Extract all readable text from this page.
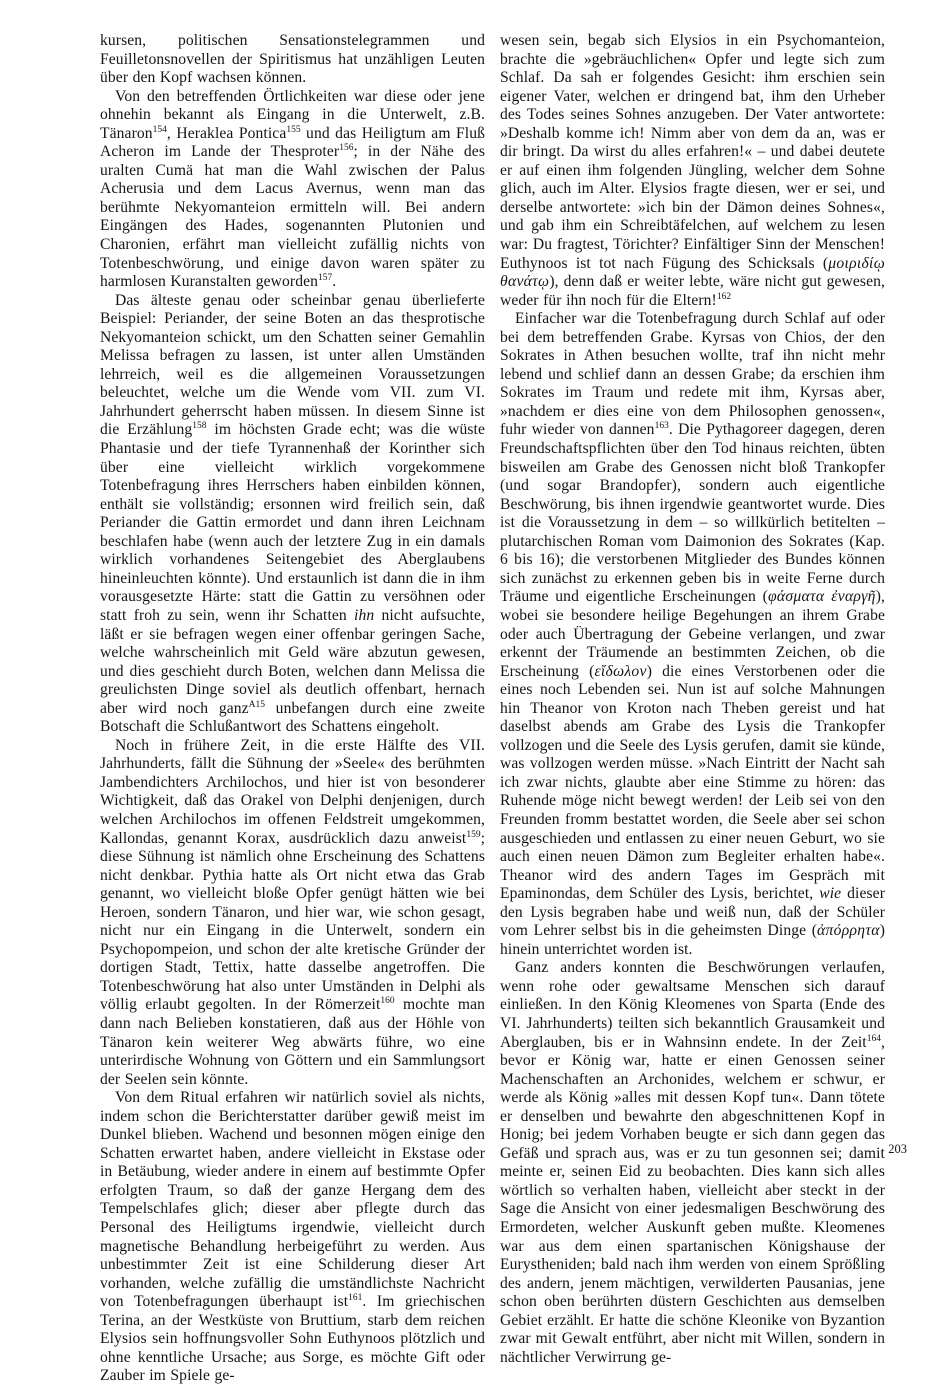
kursen, politischen Sensationstelegrammen und Feuilletonsnovellen der Spiritismus hat unzähligen Leuten über den Kopf wachsen können.

Von den betreffenden Örtlichkeiten war diese oder jene ohnehin bekannt als Eingang in die Unterwelt, z.B. Tänaron$^{154}$, Heraklea Pontica$^{155}$ und das Heiligtum am Fluß Acheron im Lande der Thesproter$^{156}$; in der Nähe des uralten Cumä hat man die Wahl zwischen der Palus Acherusia und dem Lacus Avernus, wenn man das berühmte Nekyomanteion ermitteln will. Bei andern Eingängen des Hades, sogenannten Plutonien und Charonien, erfährt man vielleicht zufällig nichts von Totenbeschwörung, und einige davon waren später zu harmlosen Kuranstalten geworden$^{157}$.

Das älteste genau oder scheinbar genau überlieferte Beispiel: Periander, der seine Boten an das thesprotische Nekyomanteion schickt, um den Schatten seiner Gemahlin Melissa befragen zu lassen, ist unter allen Umständen lehrreich, weil es die allgemeinen Voraussetzungen beleuchtet, welche um die Wende vom VII. zum VI. Jahrhundert geherrscht haben müssen. In diesem Sinne ist die Erzählung$^{158}$ im höchsten Grade echt; was die wüste Phantasie und der tiefe Tyrannenhaß der Korinther sich über eine vielleicht wirklich vorgekommene Totenbefragung ihres Herrschers haben einbilden können, enthält sie vollständig; ersonnen wird freilich sein, daß Periander die Gattin ermordet und dann ihren Leichnam beschlafen habe (wenn auch der letztere Zug in ein damals wirklich vorhandenes Seitengebiet des Aberglaubens hineinleuchten könnte). Und erstaunlich ist dann die in ihm vorausgesetzte Härte: statt die Gattin zu versöhnen oder statt froh zu sein, wenn ihr Schatten ihn nicht aufsuchte, läßt er sie befragen wegen einer offenbar geringen Sache, welche wahrscheinlich mit Geld wäre abzutun gewesen, und dies geschieht durch Boten, welchen dann Melissa die greulichsten Dinge soviel als deutlich offenbart, hernach aber wird noch ganz$^{A15}$ unbefangen durch eine zweite Botschaft die Schlußantwort des Schattens eingeholt.

Noch in frühere Zeit, in die erste Hälfte des VII. Jahrhunderts, fällt die Sühnung der »Seele« des berühmten Jambendichters Archilochos, und hier ist von besonderer Wichtigkeit, daß das Orakel von Delphi denjenigen, durch welchen Archilochos im offenen Feldstreit umgekommen, Kallondas, genannt Korax, ausdrücklich dazu anweist$^{159}$; diese Sühnung ist nämlich ohne Erscheinung des Schattens nicht denkbar. Pythia hatte als Ort nicht etwa das Grab genannt, wo vielleicht bloße Opfer genügt hätten wie bei Heroen, sondern Tänaron, und hier war, wie schon gesagt, nicht nur ein Eingang in die Unterwelt, sondern ein Psychopompeion, und schon der alte kretische Gründer der dortigen Stadt, Tettix, hatte dasselbe angetroffen. Die Totenbeschwörung hat also unter Umständen in Delphi als völlig erlaubt gegolten. In der Römerzeit$^{160}$ mochte man dann nach Belieben konstatieren, daß aus der Höhle von Tänaron kein weiterer Weg abwärts führe, wo eine unterirdische Wohnung von Göttern und ein Sammlungsort der Seelen sein könnte.

Von dem Ritual erfahren wir natürlich soviel als nichts, indem schon die Berichterstatter darüber gewiß meist im Dunkel blieben. Wachend und besonnen mögen einige den Schatten erwartet haben, andere vielleicht in Ekstase oder in Betäubung, wieder andere in einem auf bestimmte Opfer erfolgten Traum, so daß der ganze Hergang dem des Tempelschlafes glich; dieser aber pflegte durch das Personal des Heiligtums irgendwie, vielleicht durch magnetische Behandlung herbeigeführt zu werden. Aus unbestimmter Zeit ist eine Schilderung dieser Art vorhanden, welche zufällig die umständlichste Nachricht von Totenbefragungen überhaupt ist$^{161}$. Im griechischen Terina, an der Westküste von Bruttium, starb dem reichen Elysios sein hoffnungsvoller Sohn Euthynoos plötzlich und ohne kenntliche Ursache; aus Sorge, es möchte Gift oder Zauber im Spiele ge-

wesen sein, begab sich Elysios in ein Psychomanteion, brachte die »gebräuchlichen« Opfer und legte sich zum Schlaf. Da sah er folgendes Gesicht: ihm erschien sein eigener Vater, welchen er dringend bat, ihm den Urheber des Todes seines Sohnes anzugeben. Der Vater antwortete: »Deshalb komme ich! Nimm aber von dem da an, was er dir bringt. Da wirst du alles erfahren!« – und dabei deutete er auf einen ihm folgenden Jüngling, welcher dem Sohne glich, auch im Alter. Elysios fragte diesen, wer er sei, und derselbe antwortete: »ich bin der Dämon deines Sohnes«, und gab ihm ein Schreibtäfelchen, auf welchem zu lesen war: Du fragtest, Törichter? Einfältiger Sinn der Menschen! Euthynoos ist tot nach Fügung des Schicksals (μοιριδίῳ θανάτῳ), denn daß er weiter lebte, wäre nicht gut gewesen, weder für ihn noch für die Eltern!$^{162}$

Einfacher war die Totenbefragung durch Schlaf auf oder bei dem betreffenden Grabe. Kyrsas von Chios, der den Sokrates in Athen besuchen wollte, traf ihn nicht mehr lebend und schlief dann an dessen Grabe; da erschien ihm Sokrates im Traum und redete mit ihm, Kyrsas aber, »nachdem er dies eine von dem Philosophen genossen«, fuhr wieder von dannen$^{163}$. Die Pythagoreer dagegen, deren Freundschaftspflichten über den Tod hinaus reichten, übten bisweilen am Grabe des Genossen nicht bloß Trankopfer (und sogar Brandopfer), sondern auch eigentliche Beschwörung, bis ihnen irgendwie geantwortet wurde. Dies ist die Voraussetzung in dem – so willkürlich betitelten – plutarchischen Roman vom Daimonion des Sokrates (Kap. 6 bis 16); die verstorbenen Mitglieder des Bundes können sich zunächst zu erkennen geben bis in weite Ferne durch Träume und eigentliche Erscheinungen (φάσματα ἐναργῆ), wobei sie besondere heilige Begehungen an ihrem Grabe oder auch Übertragung der Gebeine verlangen, und zwar erkennt der Träumende an bestimmten Zeichen, ob die Erscheinung (εἴδωλον) die eines Verstorbenen oder die eines noch Lebenden sei. Nun ist auf solche Mahnungen hin Theanor von Kroton nach Theben gereist und hat daselbst abends am Grabe des Lysis die Trankopfer vollzogen und die Seele des Lysis gerufen, damit sie künde, was vollzogen werden müsse. »Nach Eintritt der Nacht sah ich zwar nichts, glaubte aber eine Stimme zu hören: das Ruhende möge nicht bewegt werden! der Leib sei von den Freunden fromm bestattet worden, die Seele aber sei schon ausgeschieden und entlassen zu einer neuen Geburt, wo sie auch einen neuen Dämon zum Begleiter erhalten habe«. Theanor wird des andern Tages im Gespräch mit Epaminondas, dem Schüler des Lysis, berichtet, wie dieser den Lysis begraben habe und weiß nun, daß der Schüler vom Lehrer selbst bis in die geheimsten Dinge (ἀπόρρητα) hinein unterrichtet worden ist.

Ganz anders konnten die Beschwörungen verlaufen, wenn rohe oder gewaltsame Menschen sich darauf einließen. In den König Kleomenes von Sparta (Ende des VI. Jahrhunderts) teilten sich bekanntlich Grausamkeit und Aberglauben, bis er in Wahnsinn endete. In der Zeit$^{164}$, bevor er König war, hatte er einen Genossen seiner Machenschaften an Archonides, welchem er schwur, er werde als König »alles mit dessen Kopf tun«. Dann tötete er denselben und bewahrte den abgeschnittenen Kopf in Honig; bei jedem Vorhaben beugte er sich dann gegen das Gefäß und sprach aus, was er zu tun gesonnen sei; damit meinte er, seinen Eid zu beobachten. Dies kann sich alles wörtlich so verhalten haben, vielleicht aber steckt in der Sage die Ansicht von einer jedesmaligen Beschwörung des Ermordeten, welcher Auskunft geben mußte. Kleomenes war aus dem einen spartanischen Königshause der Eurystheniden; bald nach ihm werden von einem Sprößling des andern, jenem mächtigen, verwilderten Pausanias, jene schon oben berührten düstern Geschichten aus demselben Gebiet erzählt. Er hatte die schöne Kleonike von Byzantion zwar mit Gewalt entführt, aber nicht mit Willen, sondern in nächtlicher Verwirrung ge-

203
